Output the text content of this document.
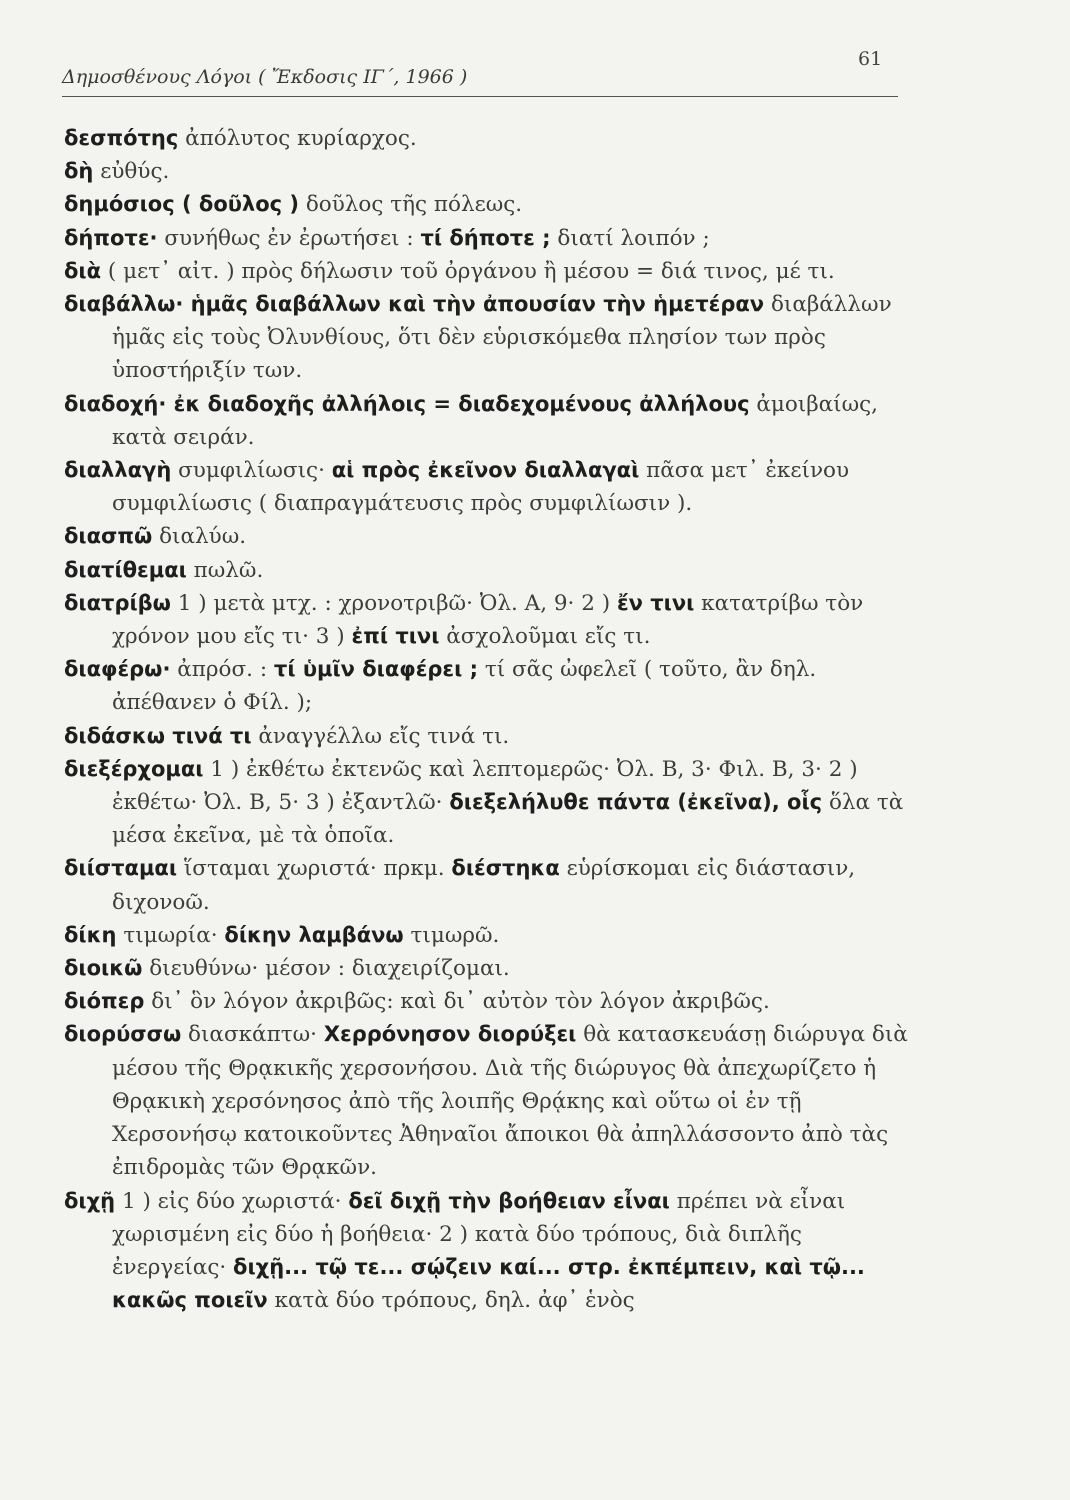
61
Δημοσθένους Λόγοι ( Ἔκδοσις ΙΓ΄, 1966 )

δεσπότης ἀπόλυτος κυρίαρχος.

δὴ εὐθύς.

δημόσιος ( δοῦλος ) δοῦλος τῆς πόλεως.

δήποτε· συνήθως ἐν ἐρωτήσει : τί δήποτε ; διατί λοιπόν ;

διὰ ( μετ᾽ αἰτ. ) πρὸς δήλωσιν τοῦ ὀργάνου ἢ μέσου = διά τινος, μέ τι.

διαβάλλω· ἡμᾶς διαβάλλων καὶ τὴν ἀπουσίαν τὴν ἡμετέραν διαβάλλων ἡμᾶς εἰς τοὺς Ὀλυνθίους, ὅτι δὲν εὑρισκόμεθα πλησίον των πρὸς ὑποστήριξίν των.

διαδοχή· ἐκ διαδοχῆς ἀλλήλοις = διαδεχομένους ἀλλήλους ἀμοιβαίως, κατὰ σειράν.

διαλλαγὴ συμφιλίωσις· αἱ πρὸς ἐκεῖνον διαλλαγαὶ πᾶσα μετ᾽ ἐκείνου συμφιλίωσις ( διαπραγμάτευσις πρὸς συμφιλίωσιν ).

διασπῶ διαλύω.

διατίθεμαι πωλῶ.

διατρίβω 1 ) μετὰ μτχ. : χρονοτριβῶ· Ὀλ. Α, 9· 2 ) ἔν τινι κατατρίβω τὸν χρόνον μου εἴς τι· 3 ) ἐπί τινι ἀσχολοῦμαι εἴς τι.

διαφέρω· ἀπρόσ. : τί ὑμῖν διαφέρει ; τί σᾶς ὠφελεῖ ( τοῦτο, ἂν δηλ. ἀπέθανεν ὁ Φίλ. );

διδάσκω τινά τι ἀναγγέλλω εἴς τινά τι.

διεξέρχομαι 1 ) ἐκθέτω ἐκτενῶς καὶ λεπτομερῶς· Ὀλ. Β, 3· Φιλ. Β, 3· 2 ) ἐκθέτω· Ὀλ. Β, 5· 3 ) ἐξαντλῶ· διεξελήλυθε πάντα (ἐκεῖνα), οἷς ὅλα τὰ μέσα ἐκεῖνα, μὲ τὰ ὁποῖα.

διίσταμαι ἵσταμαι χωριστά· πρκμ. διέστηκα εὑρίσκομαι εἰς διάστασιν, διχονοῶ.

δίκη τιμωρία· δίκην λαμβάνω τιμωρῶ.

διοικῶ διευθύνω· μέσον : διαχειρίζομαι.

διόπερ δι᾽ ὃν λόγον ἀκριβῶς: καὶ δι᾽ αὐτὸν τὸν λόγον ἀκριβῶς.

διορύσσω διασκάπτω· Χερρόνησον διορύξει θὰ κατασκευάσῃ διώρυγα διὰ μέσου τῆς Θρᾳκικῆς χερσονήσου. Διὰ τῆς διώρυγος θὰ ἀπεχωρίζετο ἡ Θρᾳκικὴ χερσόνησος ἀπὸ τῆς λοιπῆς Θρᾴκης καὶ οὕτω οἱ ἐν τῇ Χερσονήσῳ κατοικοῦντες Ἀθηναῖοι ἄποικοι θὰ ἀπηλλάσσοντο ἀπὸ τὰς ἐπιδρομὰς τῶν Θρᾳκῶν.

διχῇ 1 ) εἰς δύο χωριστά· δεῖ διχῇ τὴν βοήθειαν εἶναι πρέπει νὰ εἶναι χωρισμένη εἰς δύο ἡ βοήθεια· 2 ) κατὰ δύο τρόπους, διὰ διπλῆς ἐνεργείας· διχῇ... τῷ τε... σῴζειν καί... στρ. ἐκπέμπειν, καὶ τῷ... κακῶς ποιεῖν κατὰ δύο τρόπους, δηλ. ἀφ᾽ ἑνὸς
